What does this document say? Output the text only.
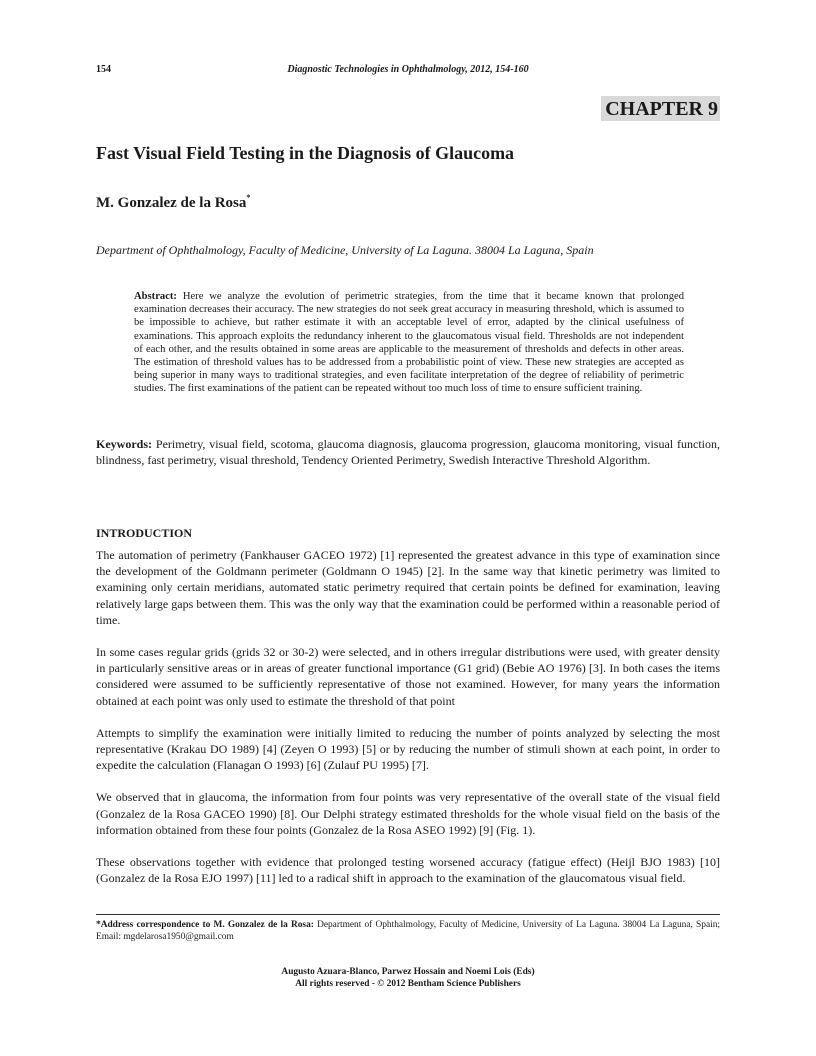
154	Diagnostic Technologies in Ophthalmology, 2012, 154-160
CHAPTER 9
Fast Visual Field Testing in the Diagnosis of Glaucoma
M. Gonzalez de la Rosa*
Department of Ophthalmology, Faculty of Medicine, University of La Laguna. 38004 La Laguna, Spain

Abstract: Here we analyze the evolution of perimetric strategies, from the time that it became known that prolonged examination decreases their accuracy. The new strategies do not seek great accuracy in measuring threshold, which is assumed to be impossible to achieve, but rather estimate it with an acceptable level of error, adapted by the clinical usefulness of examinations. This approach exploits the redundancy inherent to the glaucomatous visual field. Thresholds are not independent of each other, and the results obtained in some areas are applicable to the measurement of thresholds and defects in other areas. The estimation of threshold values has to be addressed from a probabilistic point of view. These new strategies are accepted as being superior in many ways to traditional strategies, and even facilitate interpretation of the degree of reliability of perimetric studies. The first examinations of the patient can be repeated without too much loss of time to ensure sufficient training.

Keywords: Perimetry, visual field, scotoma, glaucoma diagnosis, glaucoma progression, glaucoma monitoring, visual function, blindness, fast perimetry, visual threshold, Tendency Oriented Perimetry, Swedish Interactive Threshold Algorithm.

INTRODUCTION

The automation of perimetry (Fankhauser GACEO 1972) [1] represented the greatest advance in this type of examination since the development of the Goldmann perimeter (Goldmann O 1945) [2]. In the same way that kinetic perimetry was limited to examining only certain meridians, automated static perimetry required that certain points be defined for examination, leaving relatively large gaps between them. This was the only way that the examination could be performed within a reasonable period of time.

In some cases regular grids (grids 32 or 30-2) were selected, and in others irregular distributions were used, with greater density in particularly sensitive areas or in areas of greater functional importance (G1 grid) (Bebie AO 1976) [3]. In both cases the items considered were assumed to be sufficiently representative of those not examined. However, for many years the information obtained at each point was only used to estimate the threshold of that point

Attempts to simplify the examination were initially limited to reducing the number of points analyzed by selecting the most representative (Krakau DO 1989) [4] (Zeyen O 1993) [5] or by reducing the number of stimuli shown at each point, in order to expedite the calculation (Flanagan O 1993) [6] (Zulauf PU 1995) [7].

We observed that in glaucoma, the information from four points was very representative of the overall state of the visual field (Gonzalez de la Rosa GACEO 1990) [8]. Our Delphi strategy estimated thresholds for the whole visual field on the basis of the information obtained from these four points (Gonzalez de la Rosa ASEO 1992) [9] (Fig. 1).

These observations together with evidence that prolonged testing worsened accuracy (fatigue effect) (Heijl BJO 1983) [10] (Gonzalez de la Rosa EJO 1997) [11] led to a radical shift in approach to the examination of the glaucomatous visual field.

*Address correspondence to M. Gonzalez de la Rosa: Department of Ophthalmology, Faculty of Medicine, University of La Laguna. 38004 La Laguna, Spain; Email: mgdelarosa1950@gmail.com
Augusto Azuara-Blanco, Parwez Hossain and Noemi Lois (Eds)
All rights reserved - © 2012 Bentham Science Publishers
